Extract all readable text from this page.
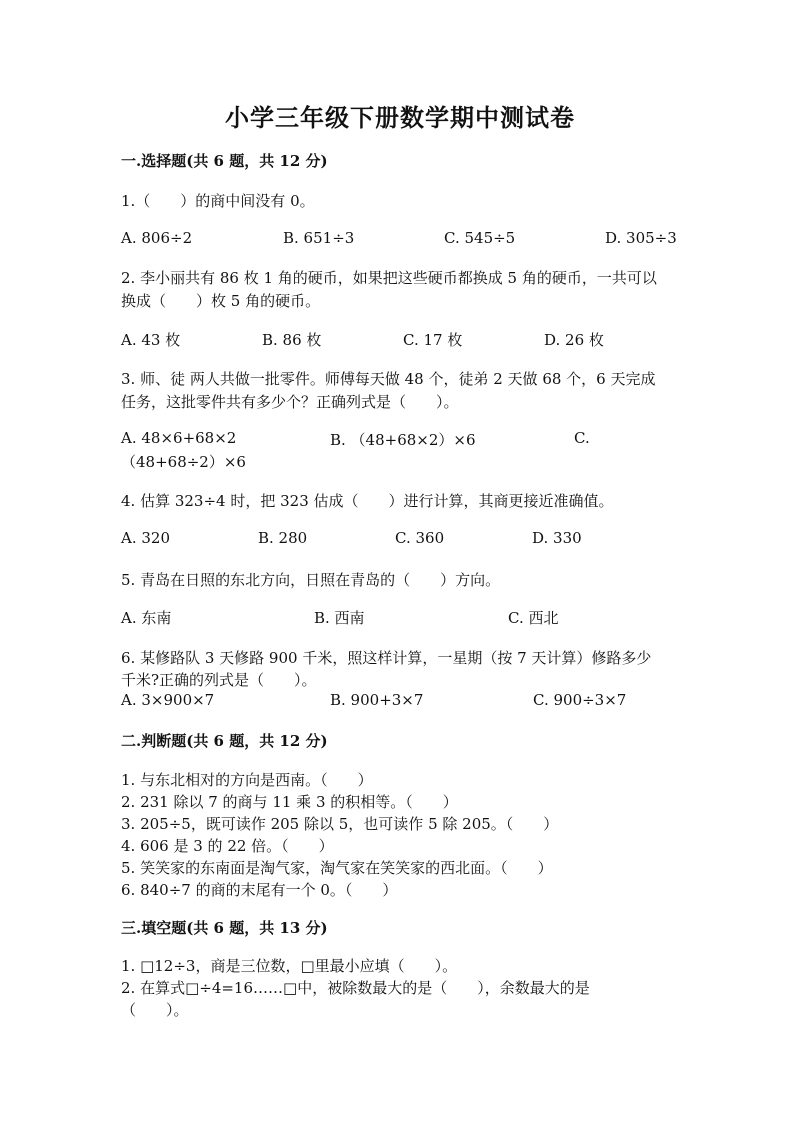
小学三年级下册数学期中测试卷
一.选择题(共 6 题，共 12 分)
1.（　　）的商中间没有 0。
A. 806÷2	B. 651÷3	C. 545÷5	D. 305÷3
2. 李小丽共有 86 枚 1 角的硬币，如果把这些硬币都换成 5 角的硬币，一共可以
换成（　　）枚 5 角的硬币。
A. 43 枚	B. 86 枚	C. 17 枚	D. 26 枚
3. 师、徒 两人共做一批零件。师傅每天做 48 个，徒弟 2 天做 68 个，6 天完成
任务，这批零件共有多少个？正确列式是（　　）。
A. 48×6+68×2	B. （48+68×2）×6	C.
（48+68÷2）×6
4. 估算 323÷4 时，把 323 估成（　　）进行计算，其商更接近准确值。
A. 320	B. 280	C. 360	D. 330
5. 青岛在日照的东北方向，日照在青岛的（　　）方向。
A. 东南	B. 西南	C. 西北
6. 某修路队 3 天修路 900 千米，照这样计算，一星期（按 7 天计算）修路多少
千米?正确的列式是（　　）。
A. 3×900×7	B. 900+3×7	C. 900÷3×7
二.判断题(共 6 题，共 12 分)
1. 与东北相对的方向是西南。（　　）
2. 231 除以 7 的商与 11 乘 3 的积相等。（　　）
3. 205÷5，既可读作 205 除以 5，也可读作 5 除 205。（　　）
4. 606 是 3 的 22 倍。（　　）
5. 笑笑家的东南面是淘气家，淘气家在笑笑家的西北面。（　　）
6. 840÷7 的商的末尾有一个 0。（　　）
三.填空题(共 6 题，共 13 分)
1. □12÷3，商是三位数，□里最小应填（　　）。
2. 在算式□÷4=16……□中，被除数最大的是（　　），余数最大的是
（　　）。
